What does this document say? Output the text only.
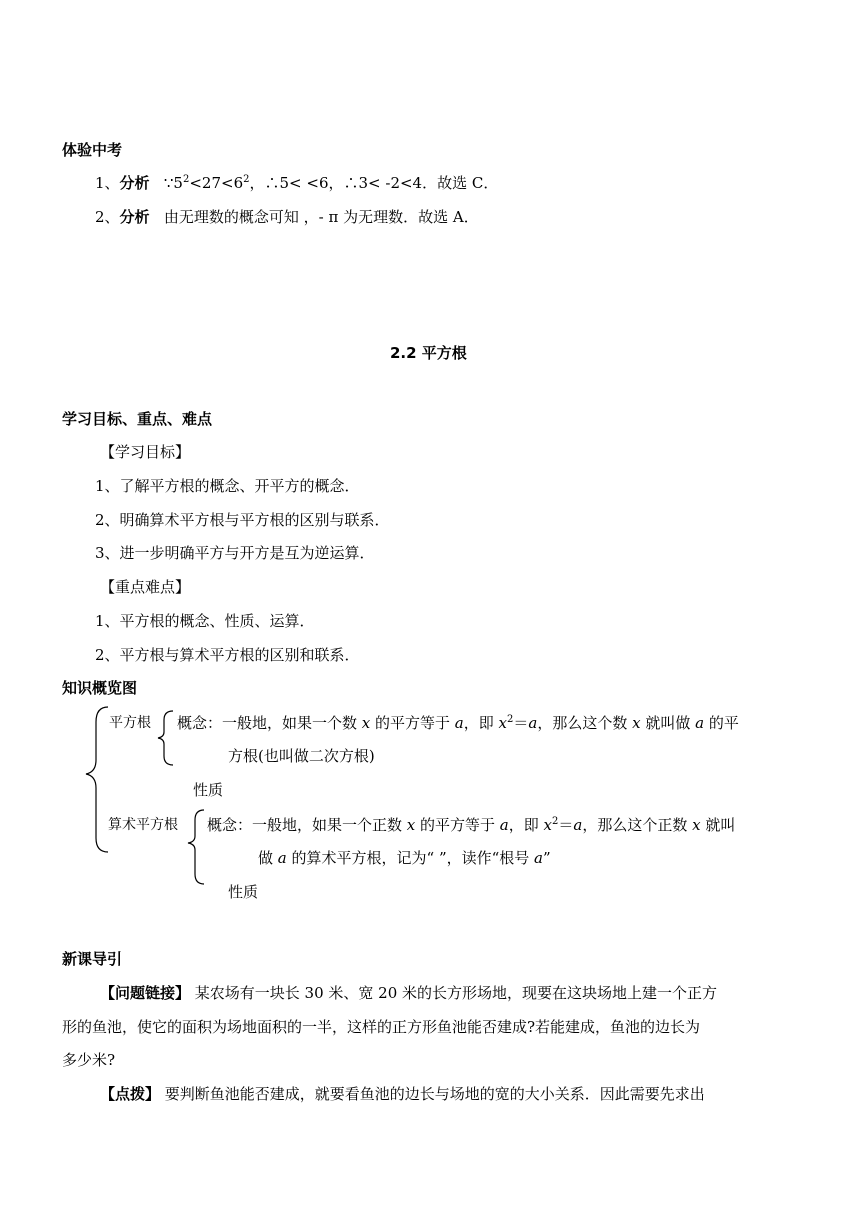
体验中考
1、分析 $\because 5^2<27<6^2$，∴5< <6，∴3< -2<4．故选 C．
2、分析 由无理数的概念可知 ，- π 为无理数．故选 A．
2.2 平方根
学习目标、重点、难点
【学习目标】
1、了解平方根的概念、开平方的概念．
2、明确算术平方根与平方根的区别与联系．
3、进一步明确平方与开方是互为逆运算．
【重点难点】
1、平方根的概念、性质、运算．
2、平方根与算术平方根的区别和联系．
知识概览图
平方根 概念：一般地，如果一个数 x 的平方等于 a，即 $x^2=a$，那么这个数 x 就叫做 a 的平
方根(也叫做二次方根)
性质
算术平方根 概念：一般地，如果一个正数 x 的平方等于 a，即 $x^2=a$，那么这个正数 x 就叫
做 a 的算术平方根，记为“ ”，读作“根号 a”
性质
新课导引
【问题链接】 某农场有一块长 30 米、宽 20 米的长方形场地，现要在这块场地上建一个正方
形的鱼池，使它的面积为场地面积的一半，这样的正方形鱼池能否建成?若能建成，鱼池的边长为
多少米?
【点拨】 要判断鱼池能否建成，就要看鱼池的边长与场地的宽的大小关系．因此需要先求出
